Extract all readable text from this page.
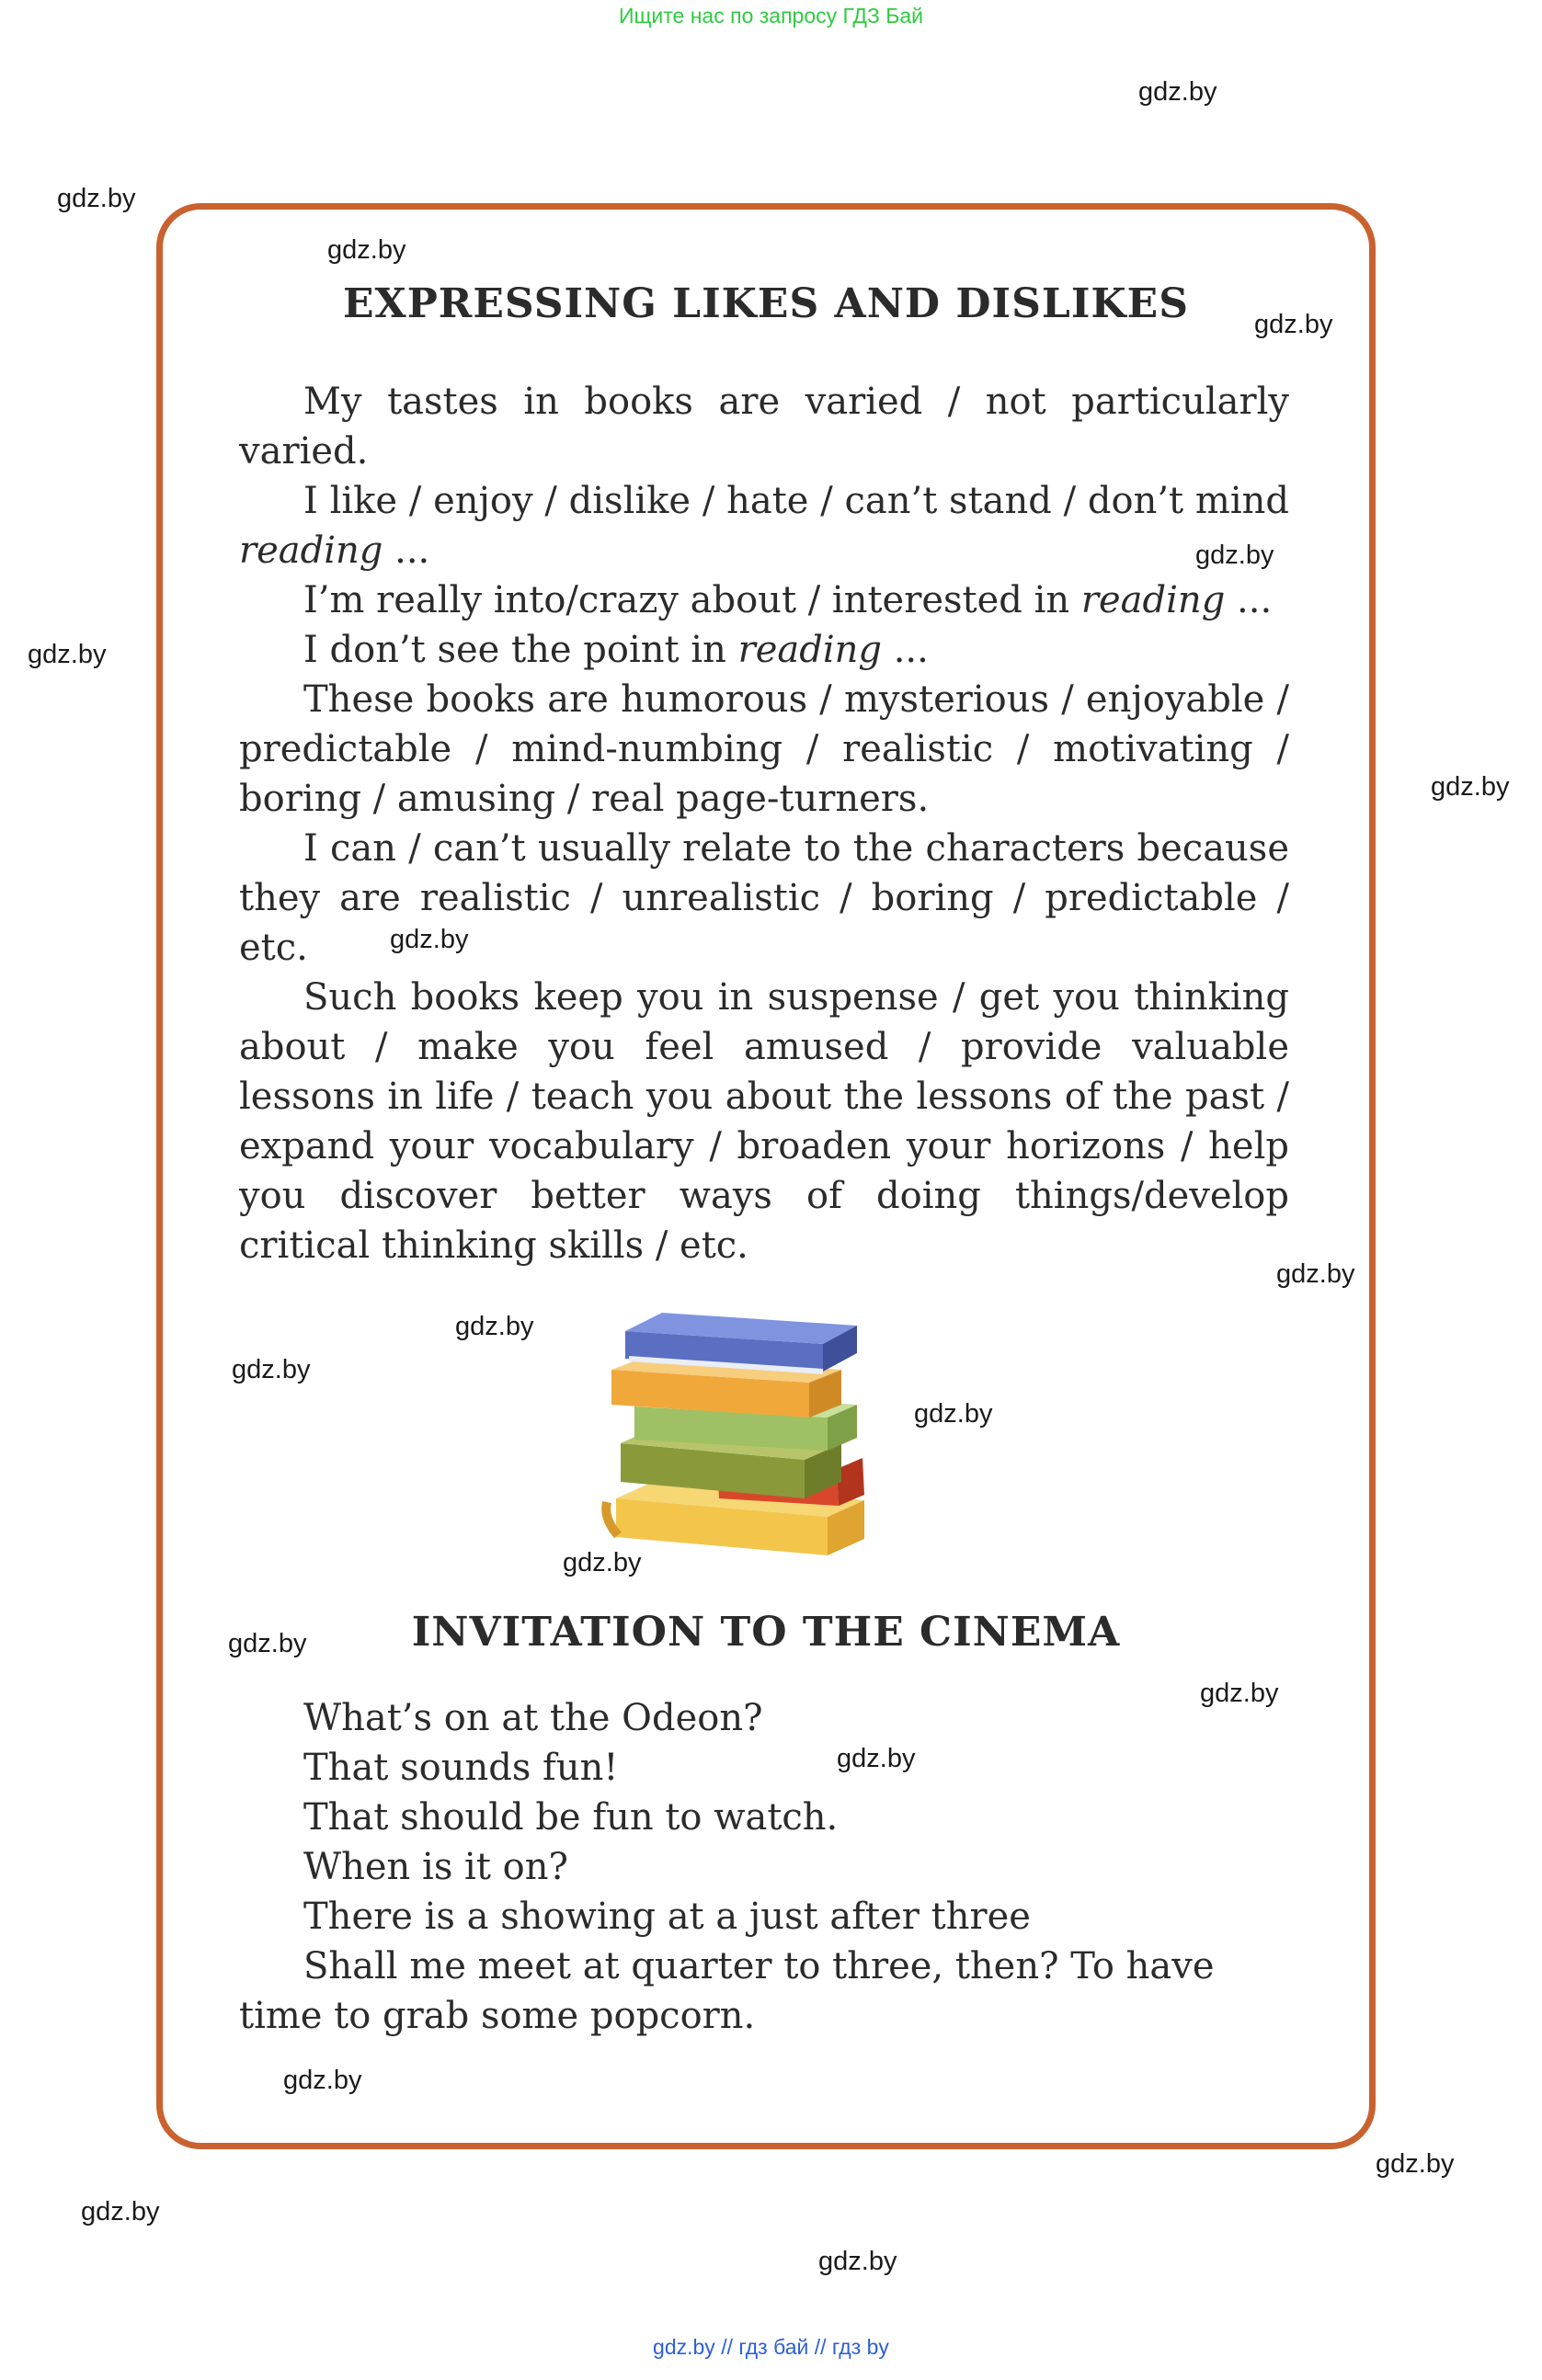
Ищите нас по запросу ГДЗ Бай
gdz.by
gdz.by
gdz.by
gdz.by
gdz.by
gdz.by
gdz.by
gdz.by
gdz.by
gdz.by
gdz.by
gdz.by
gdz.by
gdz.by
gdz.by
gdz.by
gdz.by
gdz.by
gdz.by
gdz.by
EXPRESSING LIKES AND DISLIKES

My tastes in books are varied / not particularly varied.

I like / enjoy / dislike / hate / can’t stand / don’t mind reading ...

I’m really into/crazy about / interested in reading ...

I don’t see the point in reading ...

These books are humorous / mysterious / enjoyable / predictable / mind-numbing / realistic / motivating / boring / amusing / real page-turners.

I can / can’t usually relate to the characters because they are realistic / unrealistic / boring / predictable / etc.

Such books keep you in suspense / get you thinking about / make you feel amused / provide valuable lessons in life / teach you about the lessons of the past / expand your vocabulary / broaden your horizons / help you discover better ways of doing things/develop critical thinking skills / etc.

INVITATION TO THE CINEMA

What’s on at the Odeon?

That sounds fun!

That should be fun to watch.

When is it on?

There is a showing at a just after three

Shall me meet at quarter to three, then? To have time to grab some popcorn.

gdz.by // гдз бай // гдз by
